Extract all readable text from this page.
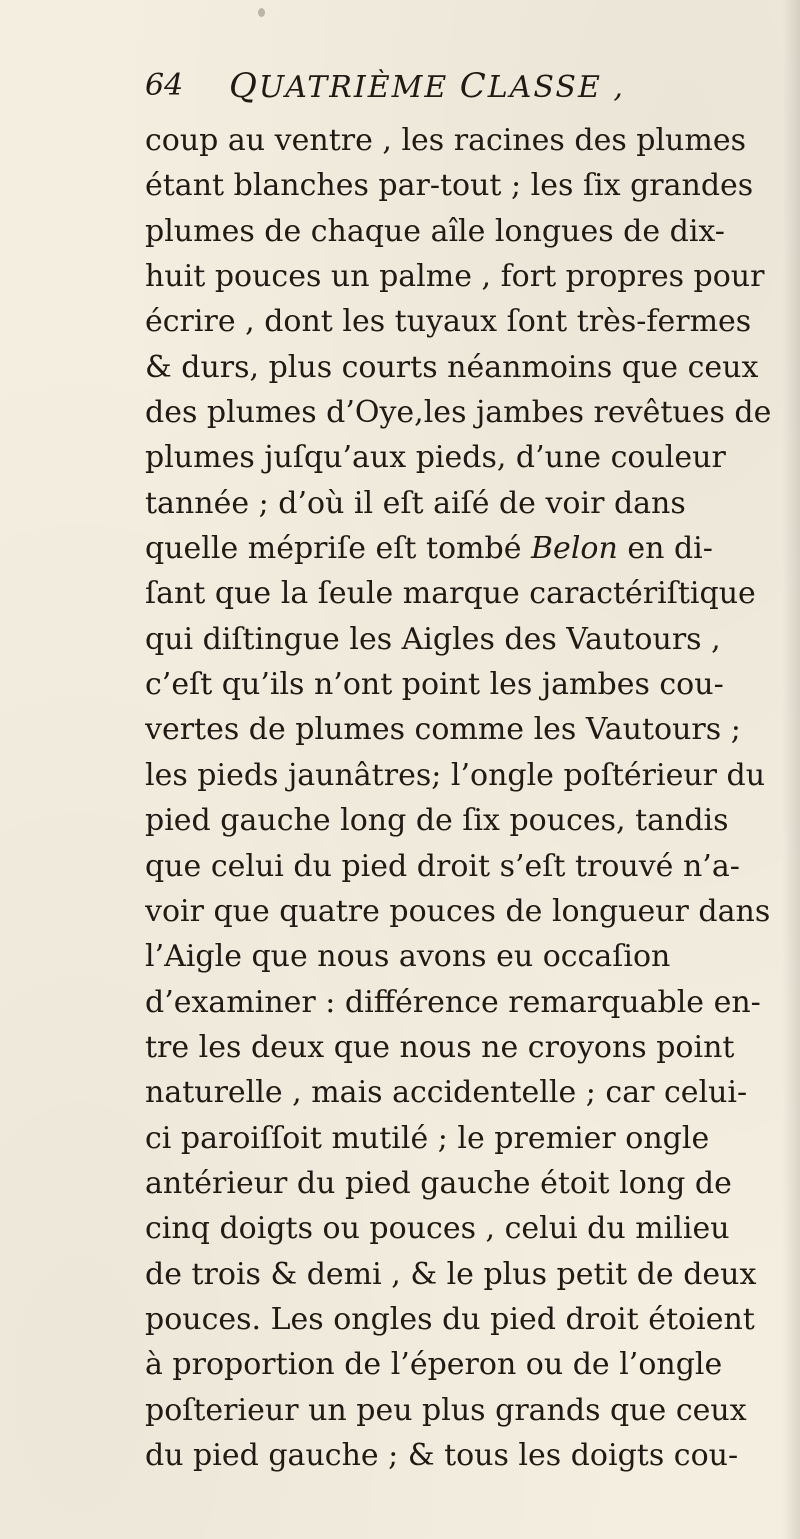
64 QUATRIÈME CLASSE ,
coup au ventre , les racines des plumes
étant blanches par-tout ; les ſix grandes
plumes de chaque aîle longues de dix-
huit pouces un palme , fort propres pour
écrire , dont les tuyaux ſont très-fermes
& durs, plus courts néanmoins que ceux
des plumes d’Oye,les jambes revêtues de
plumes juſqu’aux pieds, d’une couleur
tannée ; d’où il eſt aiſé de voir dans
quelle mépriſe eſt tombé Belon en di-
ſant que la ſeule marque caractériſtique
qui diſtingue les Aigles des Vautours ,
c’eſt qu’ils n’ont point les jambes cou-
vertes de plumes comme les Vautours ;
les pieds jaunâtres; l’ongle poſtérieur du
pied gauche long de ſix pouces, tandis
que celui du pied droit s’eſt trouvé n’a-
voir que quatre pouces de longueur dans
l’Aigle que nous avons eu occaſion
d’examiner : différence remarquable en-
tre les deux que nous ne croyons point
naturelle , mais accidentelle ; car celui-
ci paroiſſoit mutilé ; le premier ongle
antérieur du pied gauche étoit long de
cinq doigts ou pouces , celui du milieu
de trois & demi , & le plus petit de deux
pouces. Les ongles du pied droit étoient
à proportion de l’éperon ou de l’ongle
poſterieur un peu plus grands que ceux
du pied gauche ; & tous les doigts cou-
